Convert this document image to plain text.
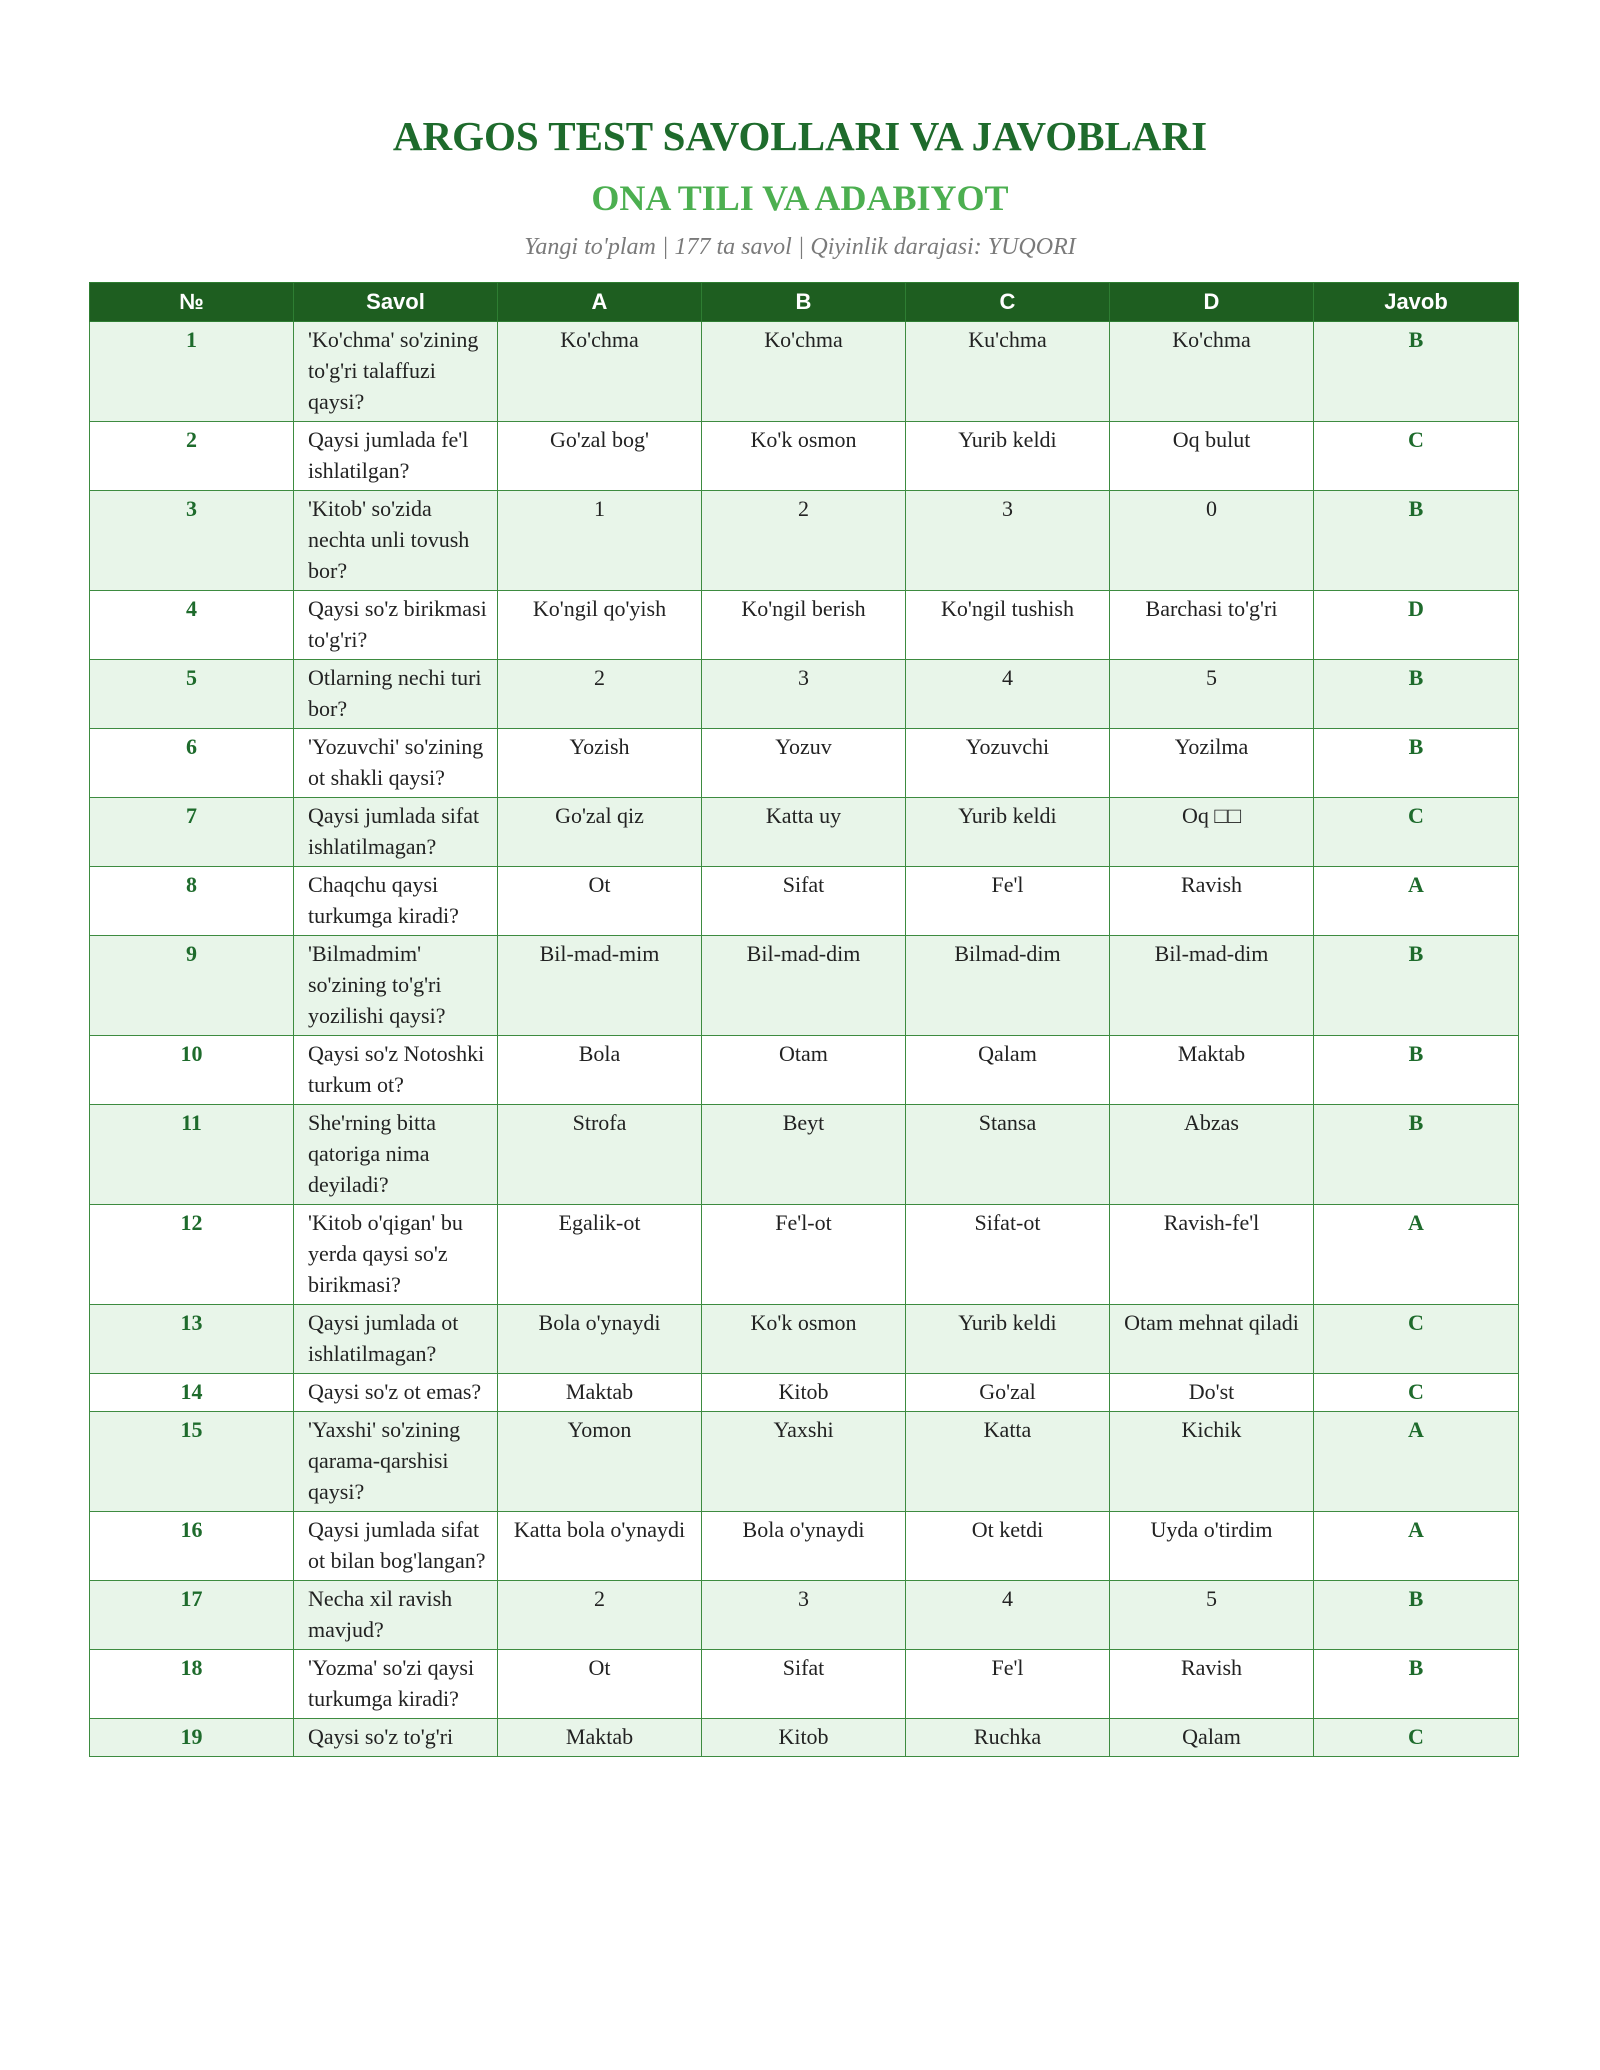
ARGOS TEST SAVOLLARI VA JAVOBLARI
ONA TILI VA ADABIYOT
Yangi to'plam | 177 ta savol | Qiyinlik darajasi: YUQORI
№	Savol	A	B	C	D	Javob
1	'Ko'chma' so'zining to'g'ri talaffuzi qaysi?	Ko'chma	Ko'chma	Ku'chma	Ko'chma	B
2	Qaysi jumlada fe'l ishlatilgan?	Go'zal bog'	Ko'k osmon	Yurib keldi	Oq bulut	C
3	'Kitob' so'zida nechta unli tovush bor?	1	2	3	0	B
4	Qaysi so'z birikmasi to'g'ri?	Ko'ngil qo'yish	Ko'ngil berish	Ko'ngil tushish	Barchasi to'g'ri	D
5	Otlarning nechi turi bor?	2	3	4	5	B
6	'Yozuvchi' so'zining ot shakli qaysi?	Yozish	Yozuv	Yozuvchi	Yozilma	B
7	Qaysi jumlada sifat ishlatilmagan?	Go'zal qiz	Katta uy	Yurib keldi	Oq □□	C
8	Chaqchu qaysi turkumga kiradi?	Ot	Sifat	Fe'l	Ravish	A
9	'Bilmadmim' so'zining to'g'ri yozilishi qaysi?	Bil-mad-mim	Bil-mad-dim	Bilmad-dim	Bil-mad-dim	B
10	Qaysi so'z Notoshki turkum ot?	Bola	Otam	Qalam	Maktab	B
11	She'rning bitta qatoriga nima deyiladi?	Strofa	Beyt	Stansa	Abzas	B
12	'Kitob o'qigan' bu yerda qaysi so'z birikmasi?	Egalik-ot	Fe'l-ot	Sifat-ot	Ravish-fe'l	A
13	Qaysi jumlada ot ishlatilmagan?	Bola o'ynaydi	Ko'k osmon	Yurib keldi	Otam mehnat qiladi	C
14	Qaysi so'z ot emas?	Maktab	Kitob	Go'zal	Do'st	C
15	'Yaxshi' so'zining qarama-qarshisi qaysi?	Yomon	Yaxshi	Katta	Kichik	A
16	Qaysi jumlada sifat ot bilan bog'langan?	Katta bola o'ynaydi	Bola o'ynaydi	Ot ketdi	Uyda o'tirdim	A
17	Necha xil ravish mavjud?	2	3	4	5	B
18	'Yozma' so'zi qaysi turkumga kiradi?	Ot	Sifat	Fe'l	Ravish	B
19	Qaysi so'z to'g'ri	Maktab	Kitob	Ruchka	Qalam	C
